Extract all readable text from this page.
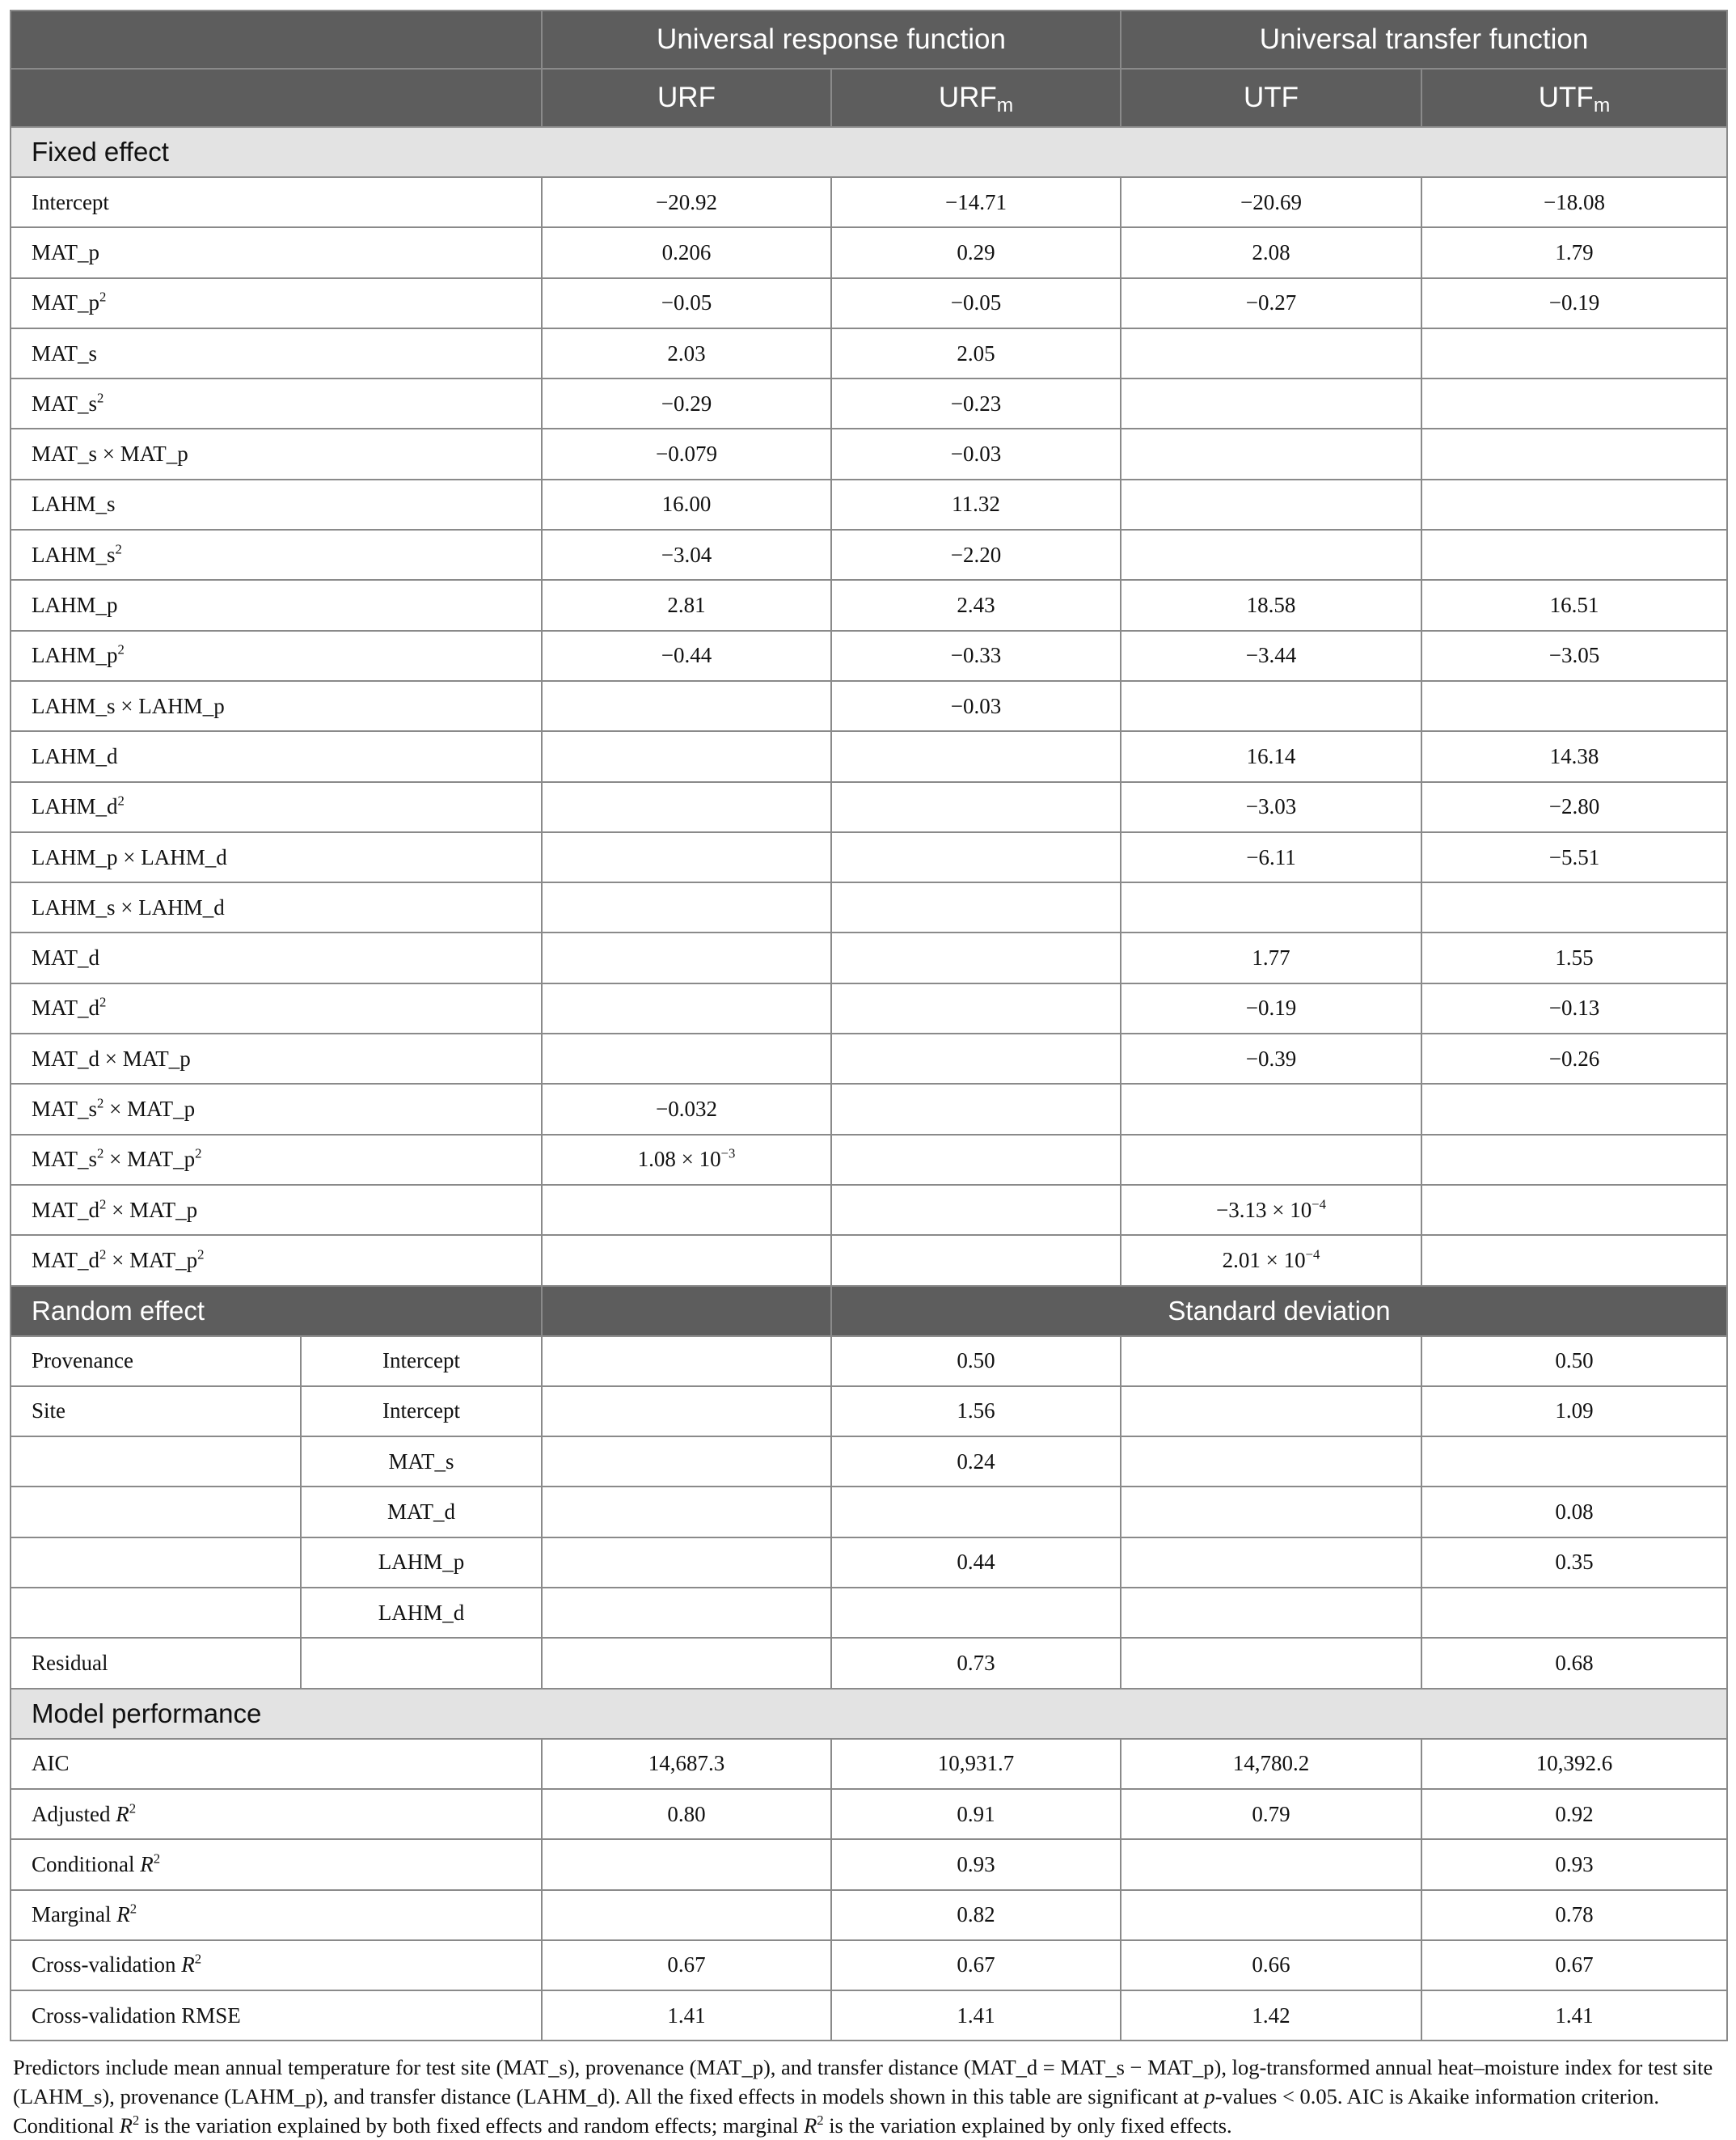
		Universal response function		Universal transfer function	
		URF	$URF_m$	UTF	$UTF_m$
Fixed effect					
Intercept		−20.92	−14.71	−20.69	−18.08
MAT_p		0.206	0.29	2.08	1.79
$MAT\_p^2$		−0.05	−0.05	−0.27	−0.19
MAT_s		2.03	2.05		
$MAT\_s^2$		−0.29	−0.23		
MAT_s × MAT_p		−0.079	−0.03		
LAHM_s		16.00	11.32		
$LAHM\_s^2$		−3.04	−2.20		
LAHM_p		2.81	2.43	18.58	16.51
$LAHM\_p^2$		−0.44	−0.33	−3.44	−3.05
LAHM_s × LAHM_p			−0.03		
LAHM_d				16.14	14.38
$LAHM\_d^2$				−3.03	−2.80
LAHM_p × LAHM_d				−6.11	−5.51
LAHM_s × LAHM_d					
MAT_d				1.77	1.55
$MAT\_d^2$				−0.19	−0.13
MAT_d × MAT_p				−0.39	−0.26
$MAT\_s^2$ × MAT_p		−0.032			
$MAT\_s^2$ × $MAT\_p^2$		$1.08 \times 10^{-3}$			
$MAT\_d^2$ × MAT_p				$-3.13 \times 10^{-4}$	
$MAT\_d^2$ × $MAT\_p^2$				$2.01 \times 10^{-4}$	
Random effect			Standard deviation		
Provenance	Intercept		0.50		0.50
Site	Intercept		1.56		1.09
	MAT_s		0.24		
	MAT_d				0.08
	LAHM_p		0.44		0.35
	LAHM_d				
Residual			0.73		0.68
Model performance					
AIC		14,687.3	10,931.7	14,780.2	10,392.6
Adjusted $R^2$		0.80	0.91	0.79	0.92
Conditional $R^2$			0.93		0.93
Marginal $R^2$			0.82		0.78
Cross-validation $R^2$		0.67	0.67	0.66	0.67
Cross-validation RMSE		1.41	1.41	1.42	1.41
Predictors include mean annual temperature for test site (MAT_s), provenance (MAT_p), and transfer distance (MAT_d = MAT_s − MAT_p), log-transformed annual heat–moisture index for test site (LAHM_s), provenance (LAHM_p), and transfer distance (LAHM_d). All the fixed effects in models shown in this table are significant at p-values < 0.05. AIC is Akaike information criterion. Conditional $R^2$ is the variation explained by both fixed effects and random effects; marginal $R^2$ is the variation explained by only fixed effects.
